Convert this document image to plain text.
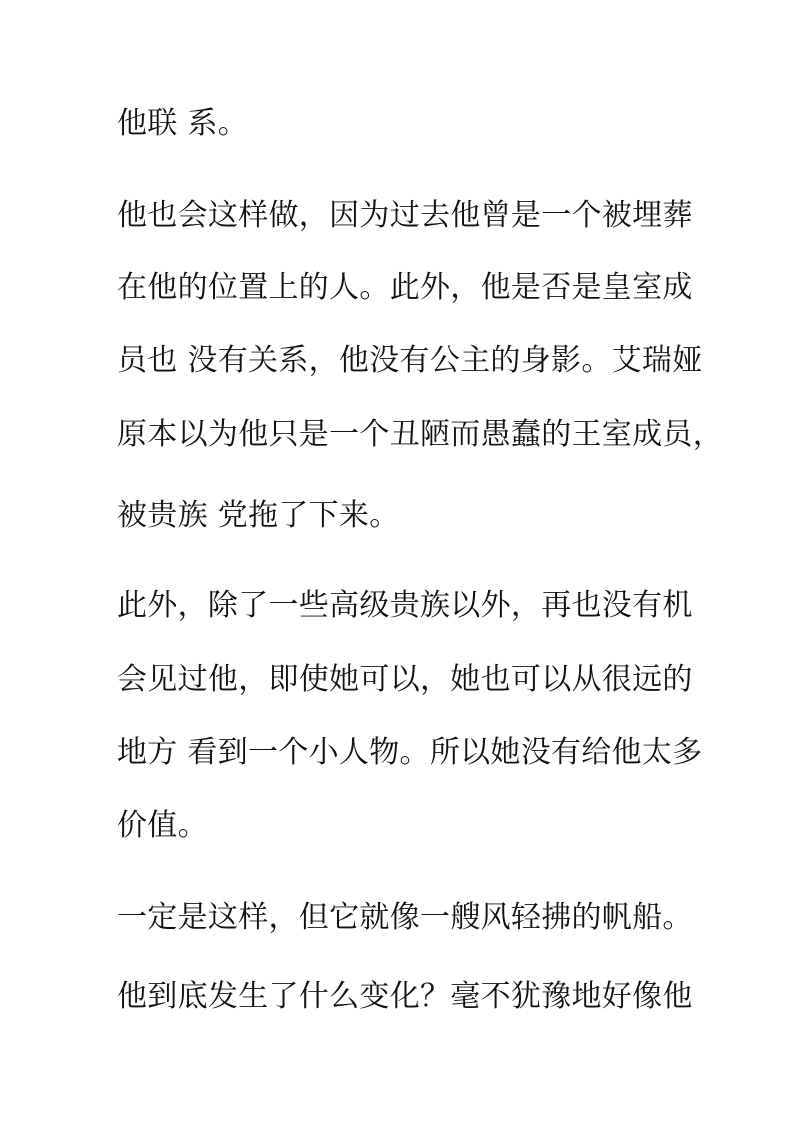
他联 系。
他也会这样做，因为过去他曾是一个被埋葬
在他的位置上的人。此外，他是否是皇室成
员也 没有关系，他没有公主的身影。艾瑞娅
原本以为他只是一个丑陋而愚蠢的王室成员，
被贵族 党拖了下来。
此外，除了一些高级贵族以外，再也没有机
会见过他，即使她可以，她也可以从很远的
地方 看到一个小人物。所以她没有给他太多
价值。
一定是这样，但它就像一艘风轻拂的帆船。
他到底发生了什么变化？毫不犹豫地好像他
